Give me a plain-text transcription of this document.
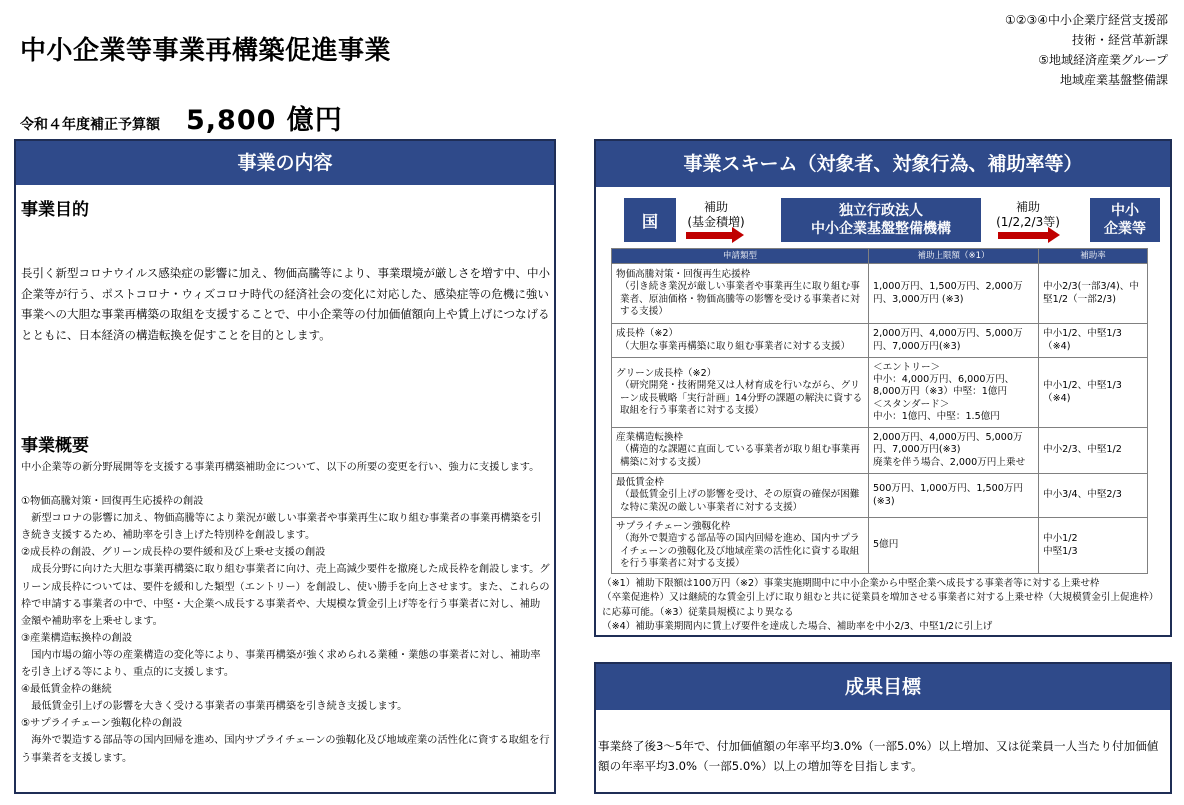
中小企業等事業再構築促進事業
①②③④中小企業庁経営支援部
技術・経営革新課
⑤地域経済産業グループ
地域産業基盤整備課
令和４年度補正予算額 5,800 億円
事業の内容
事業目的
長引く新型コロナウイルス感染症の影響に加え、物価高騰等により、事業環境が厳しさを増す中、中小企業等が行う、ポストコロナ・ウィズコロナ時代の経済社会の変化に対応した、感染症等の危機に強い事業への大胆な事業再構築の取組を支援することで、中小企業等の付加価値額向上や賃上げにつなげるとともに、日本経済の構造転換を促すことを目的とします。
事業概要
中小企業等の新分野展開等を支援する事業再構築補助金について、以下の所要の変更を行い、強力に支援します。
①物価高騰対策・回復再生応援枠の創設
新型コロナの影響に加え、物価高騰等により業況が厳しい事業者や事業再生に取り組む事業者の事業再構築を引き続き支援するため、補助率を引き上げた特別枠を創設します。
②成長枠の創設、グリーン成長枠の要件緩和及び上乗せ支援の創設
成長分野に向けた大胆な事業再構築に取り組む事業者に向け、売上高減少要件を撤廃した成長枠を創設します。グリーン成長枠については、要件を緩和した類型（エントリー）を創設し、使い勝手を向上させます。また、これらの枠で申請する事業者の中で、中堅・大企業へ成長する事業者や、大規模な賃金引上げ等を行う事業者に対し、補助金額や補助率を上乗せします。
③産業構造転換枠の創設
国内市場の縮小等の産業構造の変化等により、事業再構築が強く求められる業種・業態の事業者に対し、補助率を引き上げる等により、重点的に支援します。
④最低賃金枠の継続
最低賃金引上げの影響を大きく受ける事業者の事業再構築を引き続き支援します。
⑤サプライチェーン強靱化枠の創設
海外で製造する部品等の国内回帰を進め、国内サプライチェーンの強靱化及び地域産業の活性化に資する取組を行う事業者を支援します。
事業スキーム（対象者、対象行為、補助率等）
国
補助
(基金積増)
独立行政法人
中小企業基盤整備機構
補助
(1/2,2/3等)
中小
企業等
申請類型	補助上限額（※1）	補助率

物価高騰対策・回復再生応援枠
（引き続き業況が厳しい事業者や事業再生に取り組む事業者、原油価格・物価高騰等の影響を受ける事業者に対する支援）	1,000万円、1,500万円、2,000万円、3,000万円 (※3)	中小2/3(一部3/4)、中堅1/2（一部2/3)

成長枠（※2）
（大胆な事業再構築に取り組む事業者に対する支援）	2,000万円、4,000万円、5,000万円、7,000万円(※3)	中小1/2、中堅1/3（※4)

グリーン成長枠（※2）
（研究開発・技術開発又は人材育成を行いながら、グリーン成長戦略「実行計画」14分野の課題の解決に資する取組を行う事業者に対する支援）	＜エントリー＞
中小：4,000万円、6,000万円、8,000万円（※3）中堅：1億円
＜スタンダード＞
中小：1億円、中堅：1.5億円	中小1/2、中堅1/3（※4)

産業構造転換枠
（構造的な課題に直面している事業者が取り組む事業再構築に対する支援）	2,000万円、4,000万円、5,000万円、7,000万円(※3)
廃業を伴う場合、2,000万円上乗せ	中小2/3、中堅1/2

最低賃金枠
（最低賃金引上げの影響を受け、その原資の確保が困難な特に業況の厳しい事業者に対する支援）	500万円、1,000万円、1,500万円(※3)	中小3/4、中堅2/3

サプライチェーン強靱化枠
（海外で製造する部品等の国内回帰を進め、国内サプライチェーンの強靱化及び地域産業の活性化に資する取組を行う事業者に対する支援）	5億円	中小1/2
中堅1/3
（※1）補助下限額は100万円（※2）事業実施期間中に中小企業から中堅企業へ成長する事業者等に対する上乗せ枠
（卒業促進枠）又は継続的な賃金引上げに取り組むと共に従業員を増加させる事業者に対する上乗せ枠（大規模賃金引上促進枠）に応募可能。（※3）従業員規模により異なる
（※4）補助事業期間内に賃上げ要件を達成した場合、補助率を中小2/3、中堅1/2に引上げ
成果目標
事業終了後3～5年で、付加価値額の年率平均3.0%（一部5.0%）以上増加、又は従業員一人当たり付加価値額の年率平均3.0%（一部5.0%）以上の増加等を目指します。
